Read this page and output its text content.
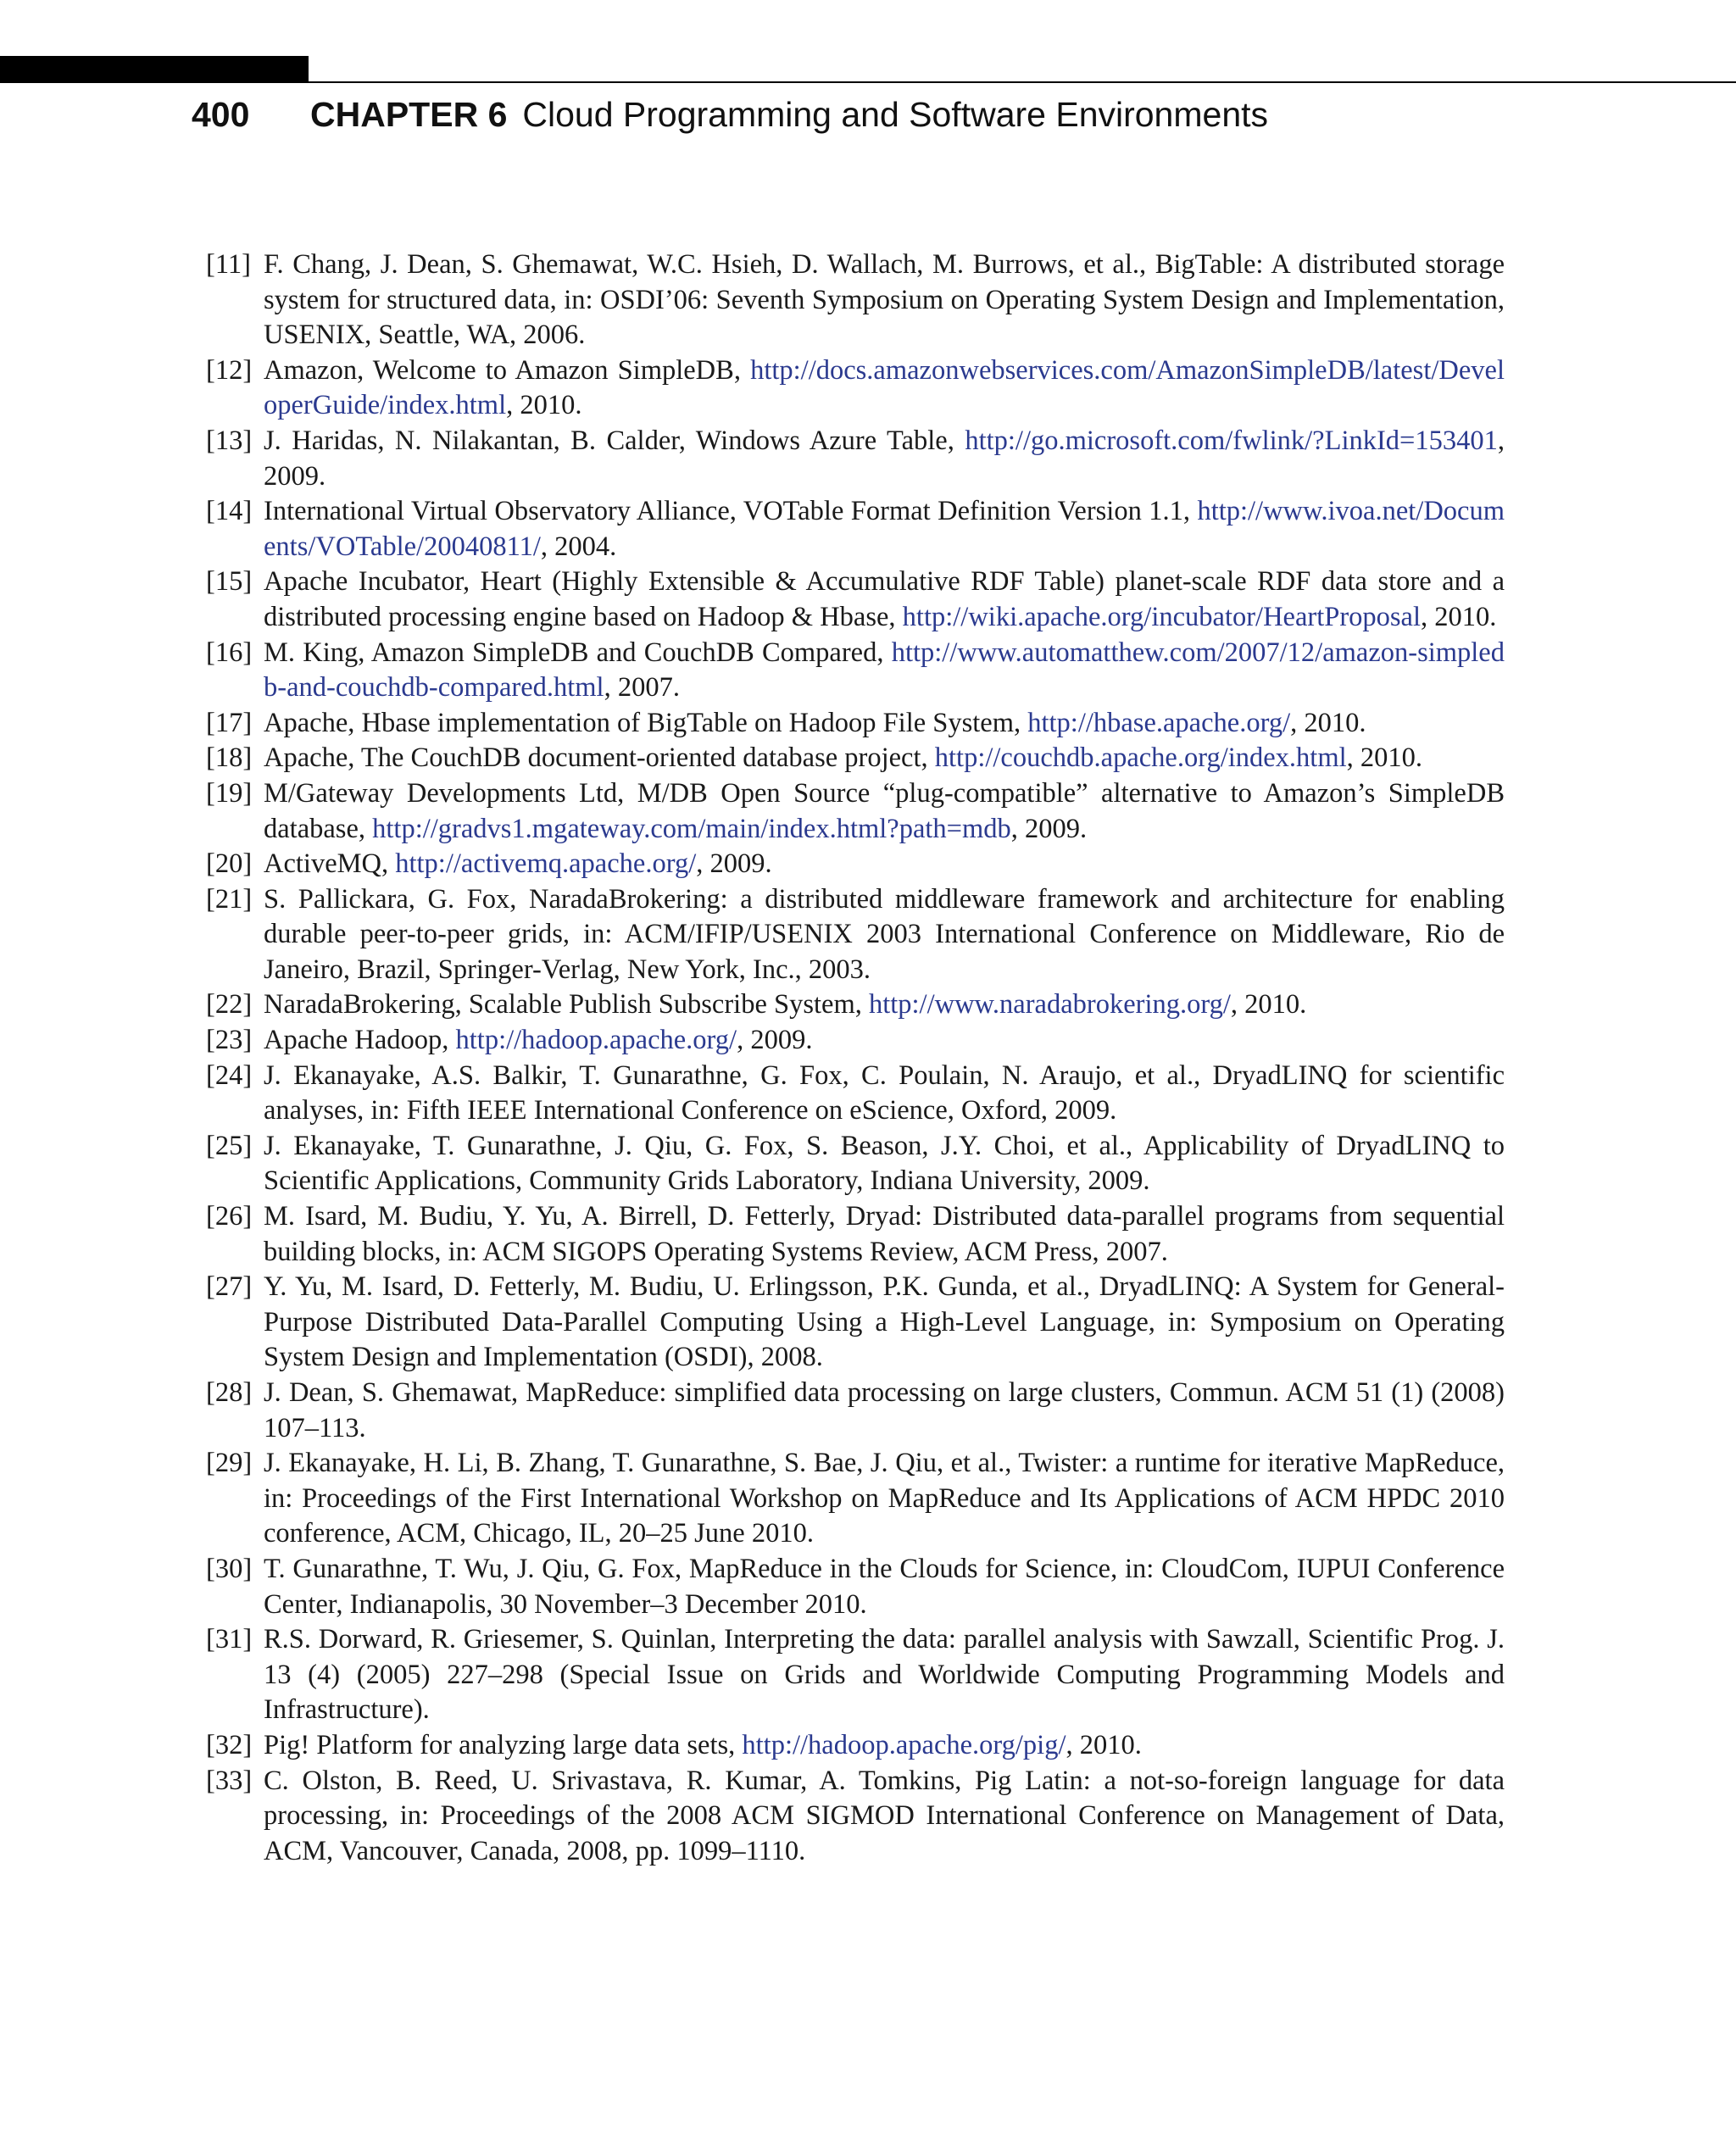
400	CHAPTER 6 Cloud Programming and Software Environments
[11] F. Chang, J. Dean, S. Ghemawat, W.C. Hsieh, D. Wallach, M. Burrows, et al., BigTable: A distributed storage system for structured data, in: OSDI’06: Seventh Symposium on Operating System Design and Implementation, USENIX, Seattle, WA, 2006.
[12] Amazon, Welcome to Amazon SimpleDB, http://docs.amazonwebservices.com/AmazonSimpleDB/latest/DeveloperGuide/index.html, 2010.
[13] J. Haridas, N. Nilakantan, B. Calder, Windows Azure Table, http://go.microsoft.com/fwlink/?LinkId=153401, 2009.
[14] International Virtual Observatory Alliance, VOTable Format Definition Version 1.1, http://www.ivoa.net/Documents/VOTable/20040811/, 2004.
[15] Apache Incubator, Heart (Highly Extensible & Accumulative RDF Table) planet-scale RDF data store and a distributed processing engine based on Hadoop & Hbase, http://wiki.apache.org/incubator/HeartProposal, 2010.
[16] M. King, Amazon SimpleDB and CouchDB Compared, http://www.automatthew.com/2007/12/amazon-simpledb-and-couchdb-compared.html, 2007.
[17] Apache, Hbase implementation of BigTable on Hadoop File System, http://hbase.apache.org/, 2010.
[18] Apache, The CouchDB document-oriented database project, http://couchdb.apache.org/index.html, 2010.
[19] M/Gateway Developments Ltd, M/DB Open Source “plug-compatible” alternative to Amazon’s SimpleDB database, http://gradvs1.mgateway.com/main/index.html?path=mdb, 2009.
[20] ActiveMQ, http://activemq.apache.org/, 2009.
[21] S. Pallickara, G. Fox, NaradaBrokering: a distributed middleware framework and architecture for enabling durable peer-to-peer grids, in: ACM/IFIP/USENIX 2003 International Conference on Middleware, Rio de Janeiro, Brazil, Springer-Verlag, New York, Inc., 2003.
[22] NaradaBrokering, Scalable Publish Subscribe System, http://www.naradabrokering.org/, 2010.
[23] Apache Hadoop, http://hadoop.apache.org/, 2009.
[24] J. Ekanayake, A.S. Balkir, T. Gunarathne, G. Fox, C. Poulain, N. Araujo, et al., DryadLINQ for scientific analyses, in: Fifth IEEE International Conference on eScience, Oxford, 2009.
[25] J. Ekanayake, T. Gunarathne, J. Qiu, G. Fox, S. Beason, J.Y. Choi, et al., Applicability of DryadLINQ to Scientific Applications, Community Grids Laboratory, Indiana University, 2009.
[26] M. Isard, M. Budiu, Y. Yu, A. Birrell, D. Fetterly, Dryad: Distributed data-parallel programs from sequential building blocks, in: ACM SIGOPS Operating Systems Review, ACM Press, 2007.
[27] Y. Yu, M. Isard, D. Fetterly, M. Budiu, U. Erlingsson, P.K. Gunda, et al., DryadLINQ: A System for General-Purpose Distributed Data-Parallel Computing Using a High-Level Language, in: Symposium on Operating System Design and Implementation (OSDI), 2008.
[28] J. Dean, S. Ghemawat, MapReduce: simplified data processing on large clusters, Commun. ACM 51 (1) (2008) 107–113.
[29] J. Ekanayake, H. Li, B. Zhang, T. Gunarathne, S. Bae, J. Qiu, et al., Twister: a runtime for iterative MapReduce, in: Proceedings of the First International Workshop on MapReduce and Its Applications of ACM HPDC 2010 conference, ACM, Chicago, IL, 20–25 June 2010.
[30] T. Gunarathne, T. Wu, J. Qiu, G. Fox, MapReduce in the Clouds for Science, in: CloudCom, IUPUI Conference Center, Indianapolis, 30 November–3 December 2010.
[31] R.S. Dorward, R. Griesemer, S. Quinlan, Interpreting the data: parallel analysis with Sawzall, Scientific Prog. J. 13 (4) (2005) 227–298 (Special Issue on Grids and Worldwide Computing Programming Models and Infrastructure).
[32] Pig! Platform for analyzing large data sets, http://hadoop.apache.org/pig/, 2010.
[33] C. Olston, B. Reed, U. Srivastava, R. Kumar, A. Tomkins, Pig Latin: a not-so-foreign language for data processing, in: Proceedings of the 2008 ACM SIGMOD International Conference on Management of Data, ACM, Vancouver, Canada, 2008, pp. 1099–1110.
